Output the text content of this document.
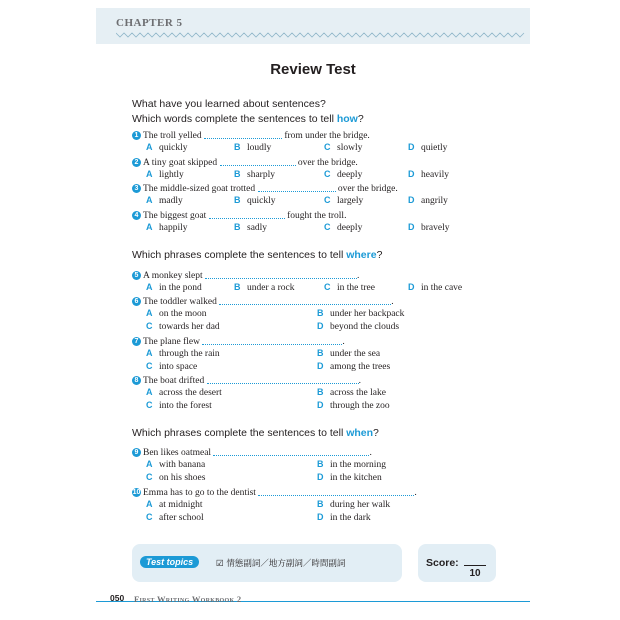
CHAPTER 5
Review Test
What have you learned about sentences?
Which words complete the sentences to tell how?
Which phrases complete the sentences to tell where?
Which phrases complete the sentences to tell when?
1 The troll yelled	from under the bridge.
A quickly	B loudly	C slowly	D quietly
2 A tiny goat skipped	over the bridge.
A lightly	B sharply	C deeply	D heavily
3 The middle-sized goat trotted	over the bridge.
A madly	B quickly	C largely	D angrily
4 The biggest goat	fought the troll.
A happily	B sadly	C deeply	D bravely
5 A monkey slept	.
A in the pond	B under a rock	C in the tree	D in the cave
6 The toddler walked	.
A on the moon	B under her backpack
C towards her dad	D beyond the clouds
7 The plane flew	.
A through the rain	B under the sea
C into space	D among the trees
8 The boat drifted	.
A across the desert	B across the lake
C into the forest	D through the zoo
9 Ben likes oatmeal	.
A with banana	B in the morning
C on his shoes	D in the kitchen
10 Emma has to go to the dentist	.
A at midnight	B during her walk
C after school	D in the dark
Test topics	☑ 情態副詞／地方副詞／時間副詞	Score:

10
050 First Writing Workbook 2
